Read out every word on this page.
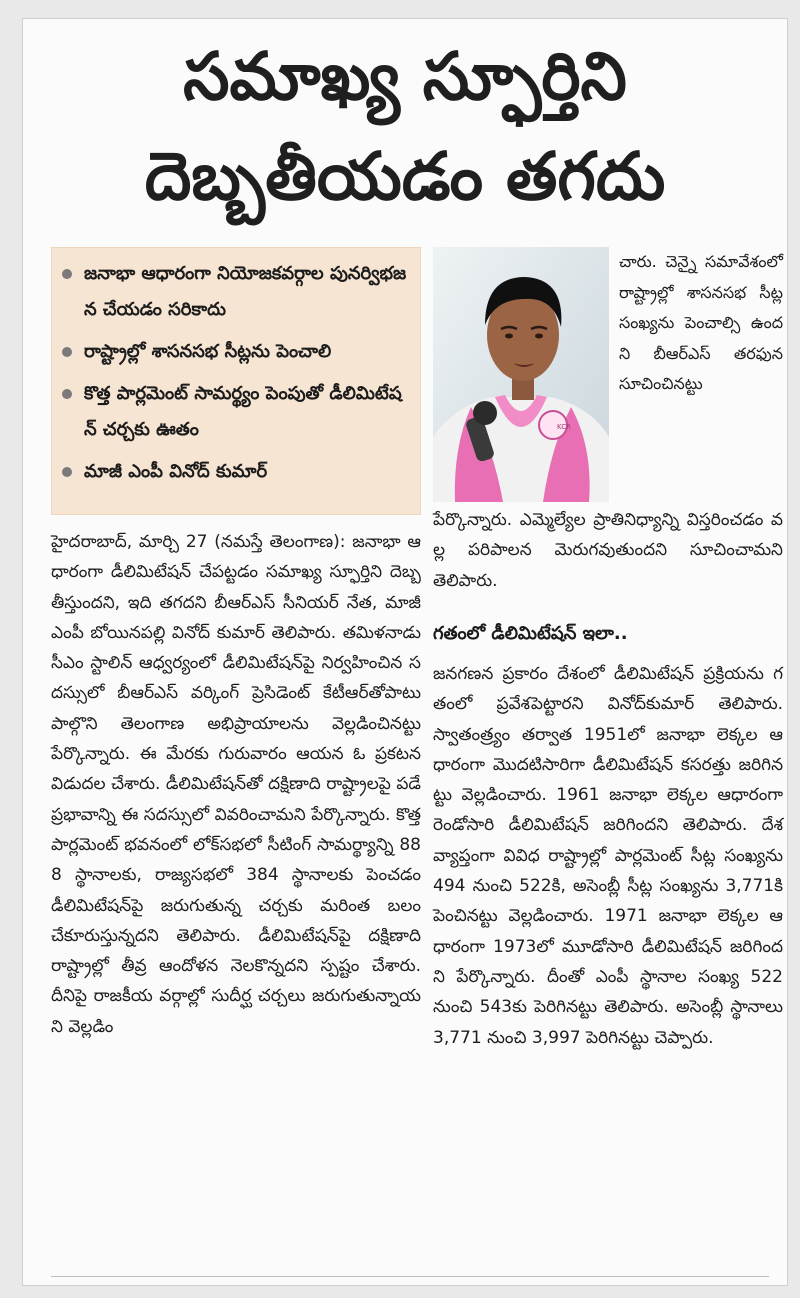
సమాఖ్య స్ఫూర్తిని
దెబ్బతీయడం తగదు
జనాభా ఆధారంగా నియోజకవర్గాల పునర్విభజన చేయడం సరికాదు
రాష్ట్రాల్లో శాసనసభ సీట్లను పెంచాలి
కొత్త పార్లమెంట్ సామర్థ్యం పెంపుతో డీలిమిటేషన్ చర్చకు ఊతం
మాజీ ఎంపీ వినోద్ కుమార్
KCR

చారు. చెన్నై సమావేశంలో రాష్ట్రాల్లో శాసనసభ సీట్ల సంఖ్యను పెంచాల్సి ఉందని బీఆర్ఎస్ తరఫున సూచించినట్టు

పేర్కొన్నారు. ఎమ్మెల్యేల ప్రాతినిధ్యాన్ని విస్తరించడం వల్ల పరిపాలన మెరుగవుతుందని సూచించామని తెలిపారు.

గతంలో డీలిమిటేషన్ ఇలా..

జనగణన ప్రకారం దేశంలో డీలిమిటేషన్ ప్రక్రియను గతంలో ప్రవేశపెట్టారని వినోద్‌కుమార్ తెలిపారు. స్వాతంత్ర్యం తర్వాత 1951లో జనాభా లెక్కల ఆధారంగా మొదటిసారిగా డీలిమిటేషన్ కసరత్తు జరిగినట్టు వెల్లడించారు. 1961 జనాభా లెక్కల ఆధారంగా రెండోసారి డీలిమిటేషన్ జరిగిందని తెలిపారు. దేశవ్యాప్తంగా వివిధ రాష్ట్రాల్లో పార్లమెంట్ సీట్ల సంఖ్యను 494 నుంచి 522కి, అసెంబ్లీ సీట్ల సంఖ్యను 3,771కి పెంచినట్టు వెల్లడించారు. 1971 జనాభా లెక్కల ఆధారంగా 1973లో మూడోసారి డీలిమిటేషన్ జరిగిందని పేర్కొన్నారు. దీంతో ఎంపీ స్థానాల సంఖ్య 522 నుంచి 543కు పెరిగినట్టు తెలిపారు. అసెంబ్లీ స్థానాలు 3,771 నుంచి 3,997 పెరిగినట్టు చెప్పారు.

హైదరాబాద్, మార్చి 27 (నమస్తే తెలంగాణ): జనాభా ఆధారంగా డీలిమిటేషన్ చేపట్టడం సమాఖ్య స్ఫూర్తిని దెబ్బతీస్తుందని, ఇది తగదని బీఆర్ఎస్ సీనియర్ నేత, మాజీ ఎంపీ బోయినపల్లి వినోద్ కుమార్ తెలిపారు. తమిళనాడు సీఎం స్టాలిన్ ఆధ్వర్యంలో డీలిమిటేషన్‌పై నిర్వహించిన సదస్సులో బీఆర్ఎస్ వర్కింగ్ ప్రెసిడెంట్ కేటీఆర్‌తోపాటు పాల్గొని తెలంగాణ అభిప్రాయాలను వెల్లడించినట్టు పేర్కొన్నారు. ఈ మేరకు గురువారం ఆయన ఓ ప్రకటన విడుదల చేశారు. డీలిమిటేషన్‌తో దక్షిణాది రాష్ట్రాలపై పడే ప్రభావాన్ని ఈ సదస్సులో వివరించామని పేర్కొన్నారు. కొత్త పార్లమెంట్ భవనంలో లోక్‌సభలో సీటింగ్ సామర్థ్యాన్ని 888 స్థానాలకు, రాజ్యసభలో 384 స్థానాలకు పెంచడం డీలిమిటేషన్‌పై జరుగుతున్న చర్చకు మరింత బలం చేకూరుస్తున్నదని తెలిపారు. డీలిమిటేషన్‌పై దక్షిణాది రాష్ట్రాల్లో తీవ్ర ఆందోళన నెలకొన్నదని స్పష్టం చేశారు. దీనిపై రాజకీయ వర్గాల్లో సుదీర్ఘ చర్చలు జరుగుతున్నాయని వెల్లడిం
